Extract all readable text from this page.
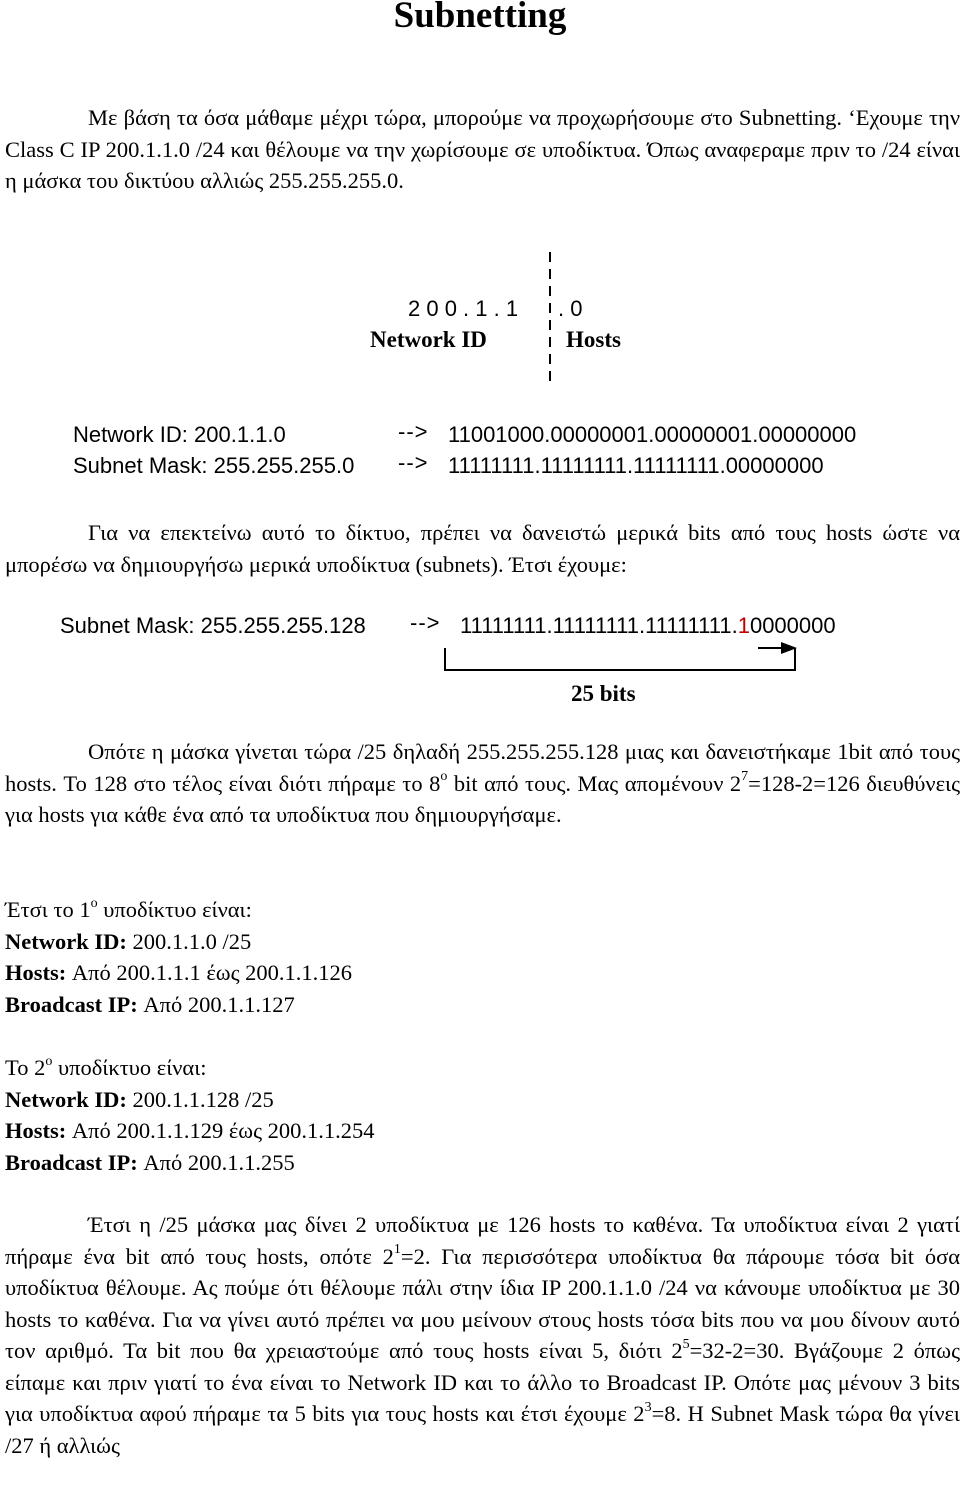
Subnetting
Με βάση τα όσα μάθαμε μέχρι τώρα, μπορούμε να προχωρήσουμε στο Subnetting. ‘Εχουμε την Class C IP 200.1.1.0 /24 και θέλουμε να την χωρίσουμε σε υποδίκτυα. Όπως αναφεραμε πριν το /24 είναι η μάσκα του δικτύου αλλιώς 255.255.255.0.
2 0 0 . 1 . 1 . 0
Network ID	Hosts
Network ID: 200.1.1.0	--> 11001000.00000001.00000001.00000000
Subnet Mask: 255.255.255.0 --> 11111111.11111111.11111111.00000000
Για να επεκτείνω αυτό το δίκτυο, πρέπει να δανειστώ μερικά bits από τους hosts ώστε να μπορέσω να δημιουργήσω μερικά υποδίκτυα (subnets). Έτσι έχουμε:
Subnet Mask: 255.255.255.128 --> 11111111.11111111.11111111.10000000
25 bits
Οπότε η μάσκα γίνεται τώρα /25 δηλαδή 255.255.255.128 μιας και δανειστήκαμε 1bit από τους hosts. Το 128 στο τέλος είναι διότι πήραμε το $8^o$ bit από τους. Μας απομένουν $2^7=128-2=126$ διευθύνεις για hosts για κάθε ένα από τα υποδίκτυα που δημιουργήσαμε.
Έτσι το $1^o$ υποδίκτυο είναι:
Network ID: 200.1.1.0 /25
Hosts: Από 200.1.1.1 έως 200.1.1.126
Broadcast IP: Από 200.1.1.127
Το $2^o$ υποδίκτυο είναι:
Network ID: 200.1.1.128 /25
Hosts: Από 200.1.1.129 έως 200.1.1.254
Broadcast IP: Από 200.1.1.255
Έτσι η /25 μάσκα μας δίνει 2 υποδίκτυα με 126 hosts το καθένα. Τα υποδίκτυα είναι 2 γιατί πήραμε ένα bit από τους hosts, οπότε $2^1=2$. Για περισσότερα υποδίκτυα θα πάρουμε τόσα bit όσα υποδίκτυα θέλουμε. Ας πούμε ότι θέλουμε πάλι στην ίδια IP 200.1.1.0 /24 να κάνουμε υποδίκτυα με 30 hosts το καθένα. Για να γίνει αυτό πρέπει να μου μείνουν στους hosts τόσα bits που να μου δίνουν αυτό τον αριθμό. Τα bit που θα χρειαστούμε από τους hosts είναι 5, διότι $2^5=32-2=30$. Βγάζουμε 2 όπως είπαμε και πριν γιατί το ένα είναι το Network ID και το άλλο το Broadcast IP. Οπότε μας μένουν 3 bits για υποδίκτυα αφού πήραμε τα 5 bits για τους hosts και έτσι έχουμε $2^3=8$. Η Subnet Mask τώρα θα γίνει /27 ή αλλιώς
